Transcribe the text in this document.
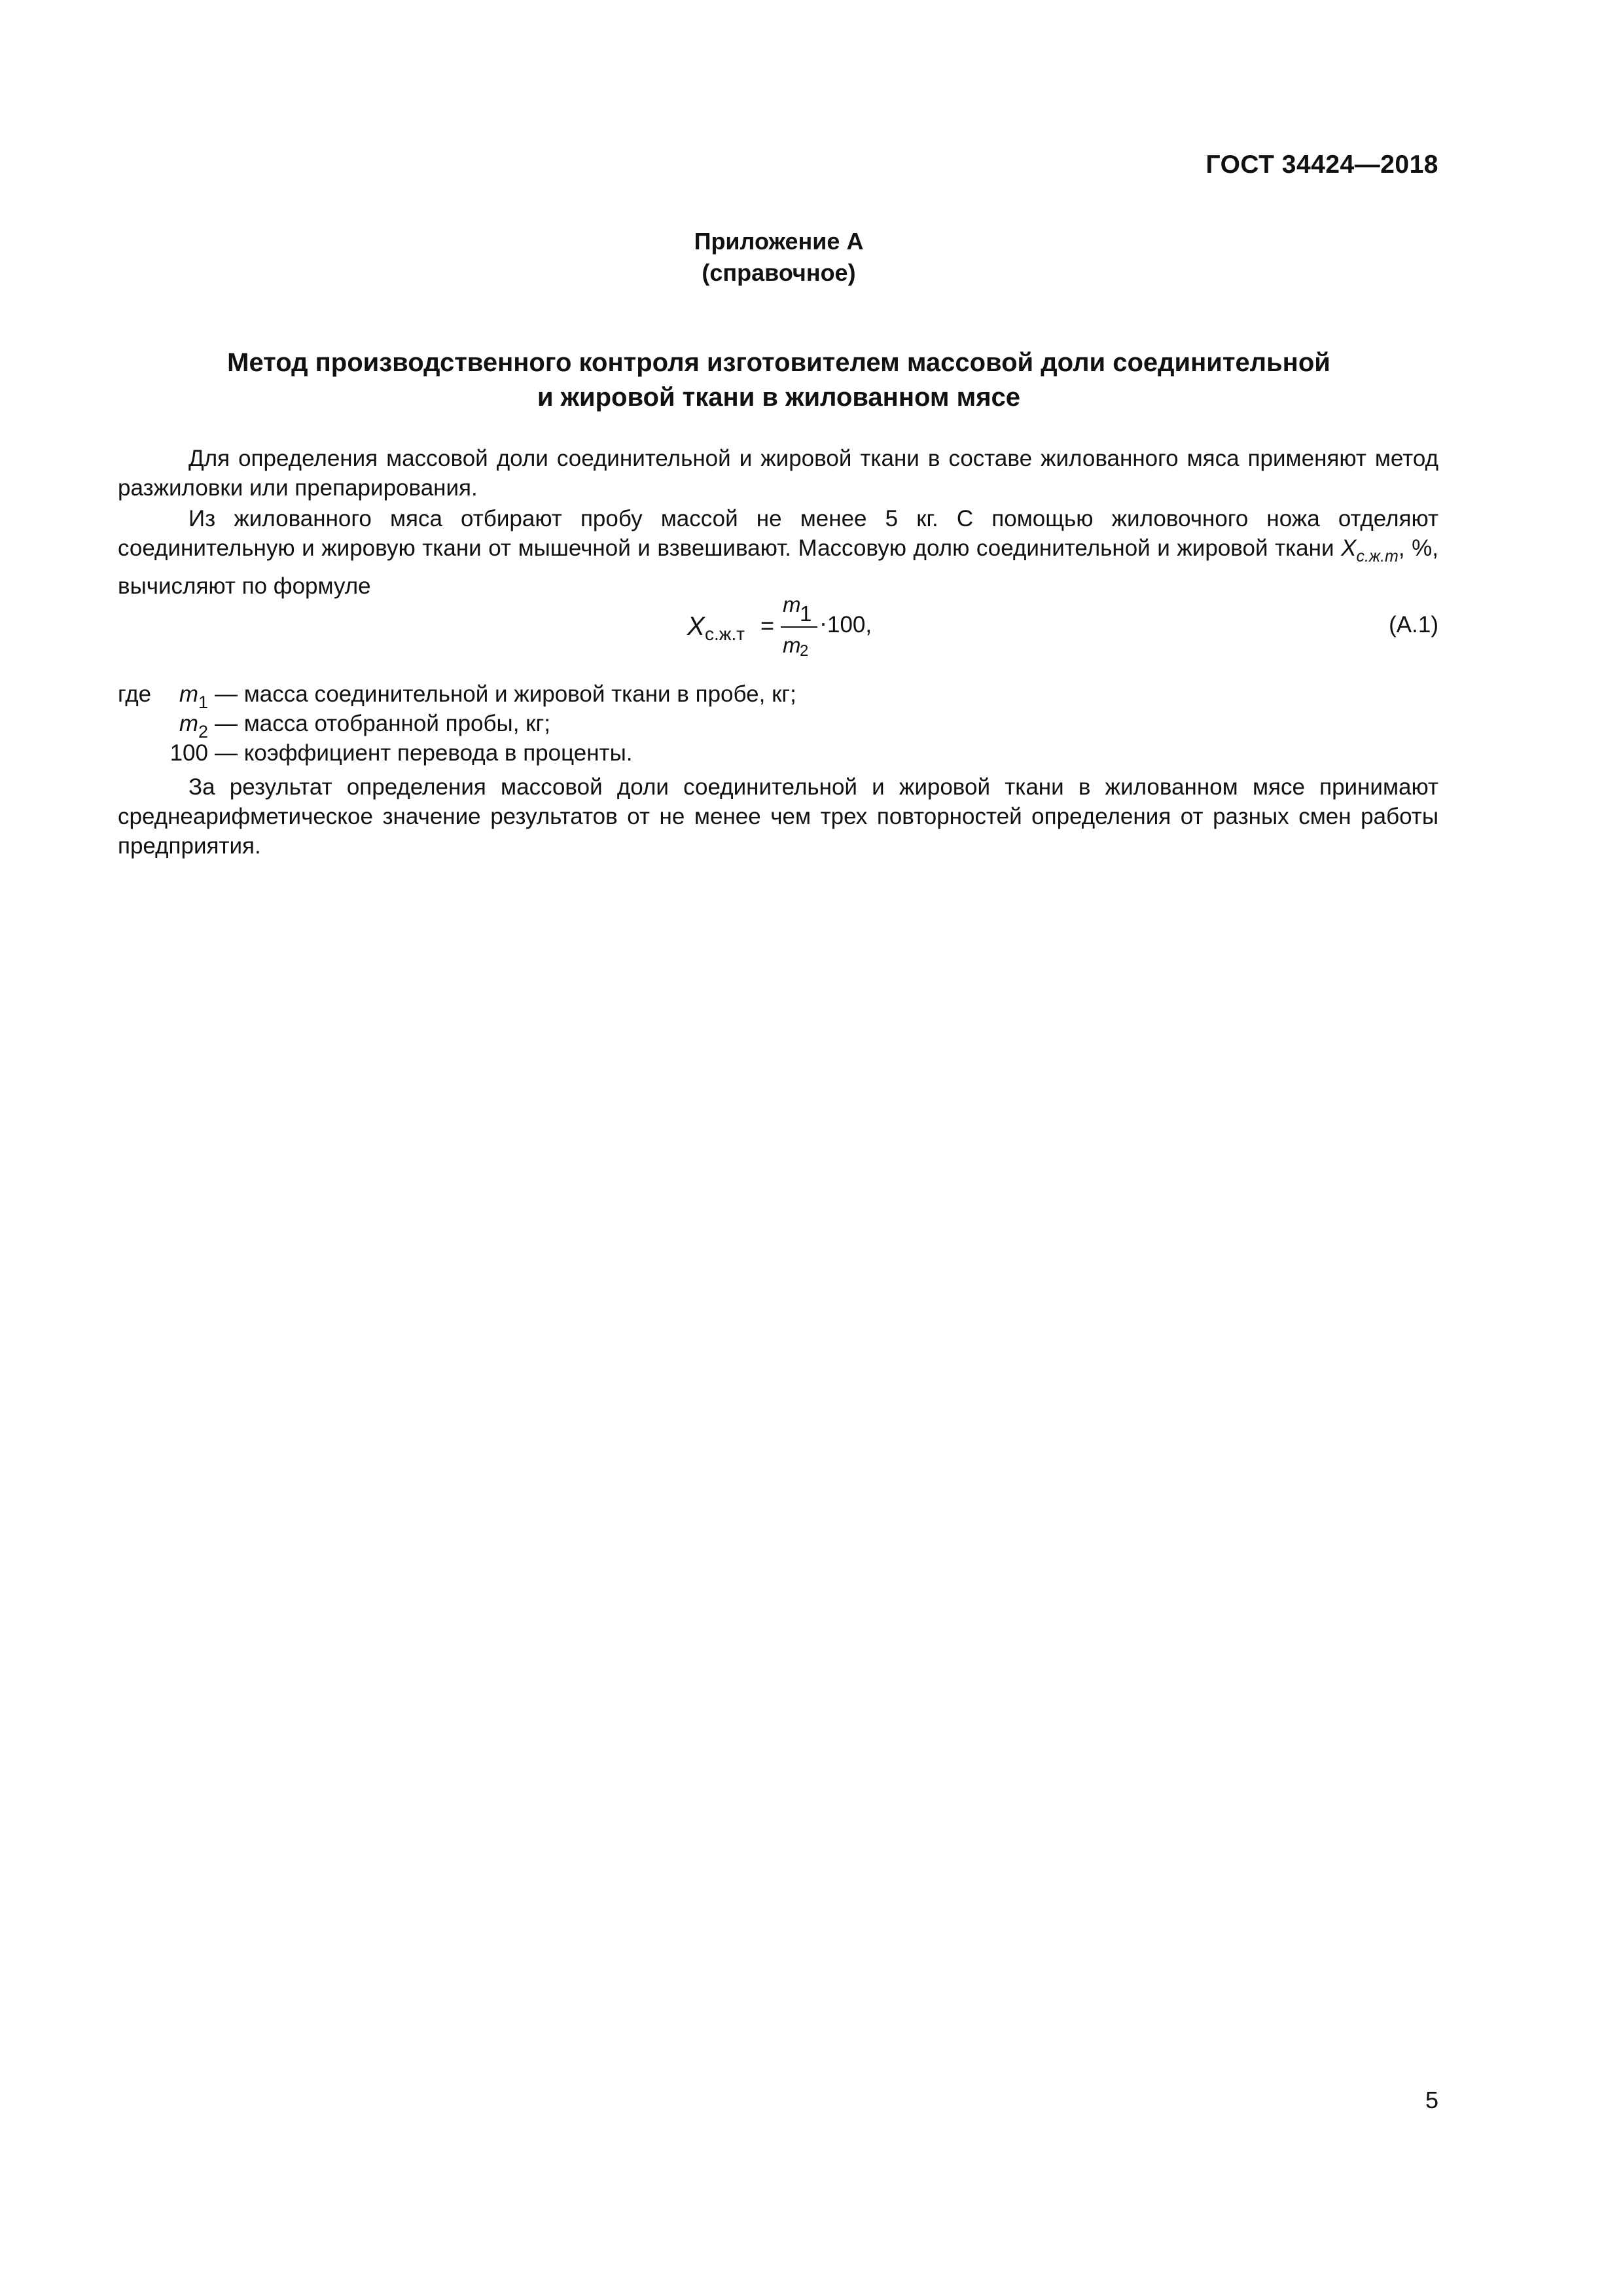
ГОСТ 34424—2018
Приложение А
(справочное)
Метод производственного контроля изготовителем массовой доли соединительной
и жировой ткани в жилованном мясе

Для определения массовой доли соединительной и жировой ткани в составе жилованного мяса применяют метод разжиловки или препарирования.

Из жилованного мяса отбирают пробу массой не менее 5 кг. С помощью жиловочного ножа отделяют соединительную и жировую ткани от мышечной и взвешивают. Массовую долю соединительной и жировой ткани $X_{с.ж.т}$, %, вычисляют по формуле

X с.ж.т =
m
1
m
2
· 100,	(А.1)
где $m_1$ — масса соединительной и жировой ткани в пробе, кг;
$m_2$ — масса отобранной пробы, кг;
100 — коэффициент перевода в проценты.

За результат определения массовой доли соединительной и жировой ткани в жилованном мясе принимают среднеарифметическое значение результатов от не менее чем трех повторностей определения от разных смен работы предприятия.

5
